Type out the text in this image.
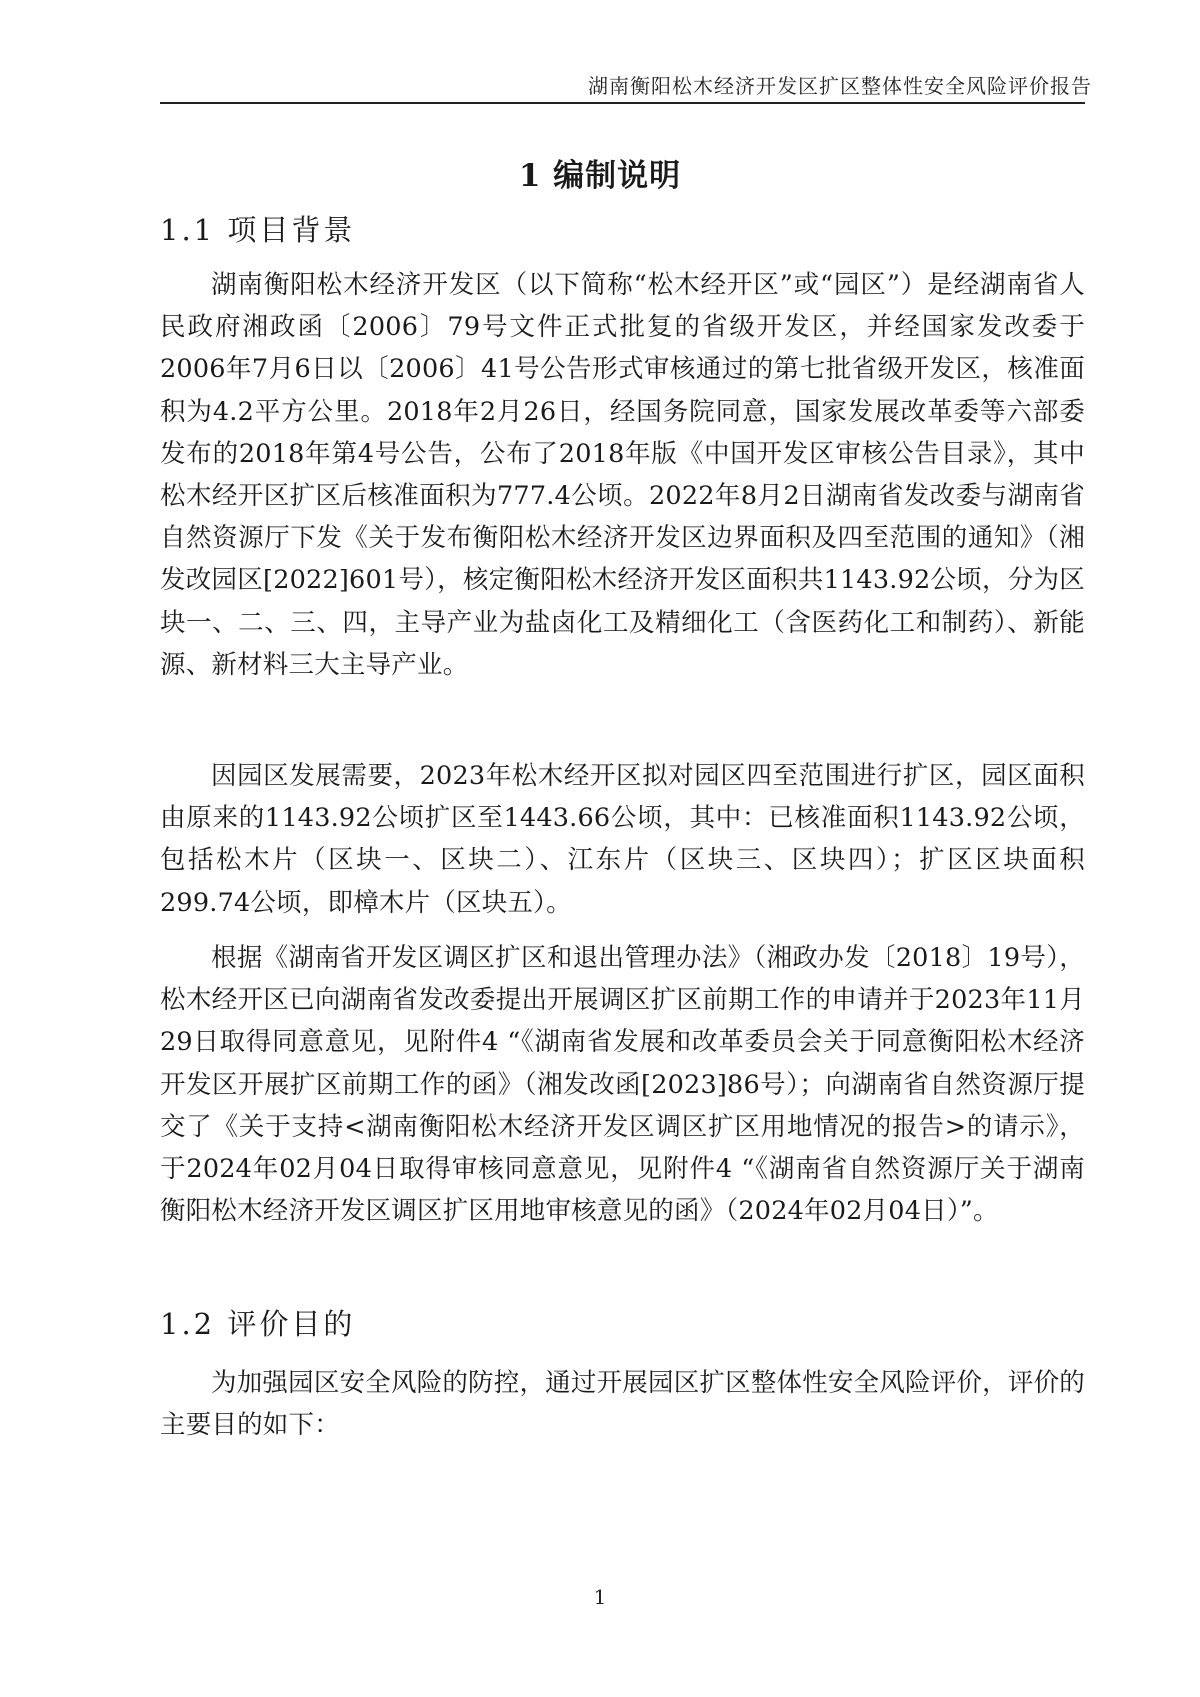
湖南衡阳松木经济开发区扩区整体性安全风险评价报告
1 编制说明
1.1 项目背景

湖南衡阳松木经济开发区（以下简称“松木经开区”或“园区”）是经湖南省人民政府湘政函〔2006〕79号文件正式批复的省级开发区，并经国家发改委于2006年7月6日以〔2006〕41号公告形式审核通过的第七批省级开发区，核准面积为4.2平方公里。2018年2月26日，经国务院同意，国家发展改革委等六部委发布的2018年第4号公告，公布了2018年版《中国开发区审核公告目录》，其中松木经开区扩区后核准面积为777.4公顷。2022年8月2日湖南省发改委与湖南省自然资源厅下发《关于发布衡阳松木经济开发区边界面积及四至范围的通知》（湘发改园区[2022]601号），核定衡阳松木经济开发区面积共1143.92公顷，分为区块一、二、三、四，主导产业为盐卤化工及精细化工（含医药化工和制药）、新能源、新材料三大主导产业。

因园区发展需要，2023年松木经开区拟对园区四至范围进行扩区，园区面积由原来的1143.92公顷扩区至1443.66公顷，其中：已核准面积1143.92公顷，包括松木片（区块一、区块二）、江东片（区块三、区块四）；扩区区块面积299.74公顷，即樟木片（区块五）。

根据《湖南省开发区调区扩区和退出管理办法》（湘政办发〔2018〕19号），松木经开区已向湖南省发改委提出开展调区扩区前期工作的申请并于2023年11月29日取得同意意见，见附件4 “《湖南省发展和改革委员会关于同意衡阳松木经济开发区开展扩区前期工作的函》（湘发改函[2023]86号）；向湖南省自然资源厅提交了《关于支持<湖南衡阳松木经济开发区调区扩区用地情况的报告>的请示》，于2024年02月04日取得审核同意意见，见附件4 “《湖南省自然资源厅关于湖南衡阳松木经济开发区调区扩区用地审核意见的函》（2024年02月04日）”。

1.2 评价目的

为加强园区安全风险的防控，通过开展园区扩区整体性安全风险评价，评价的主要目的如下：

1
